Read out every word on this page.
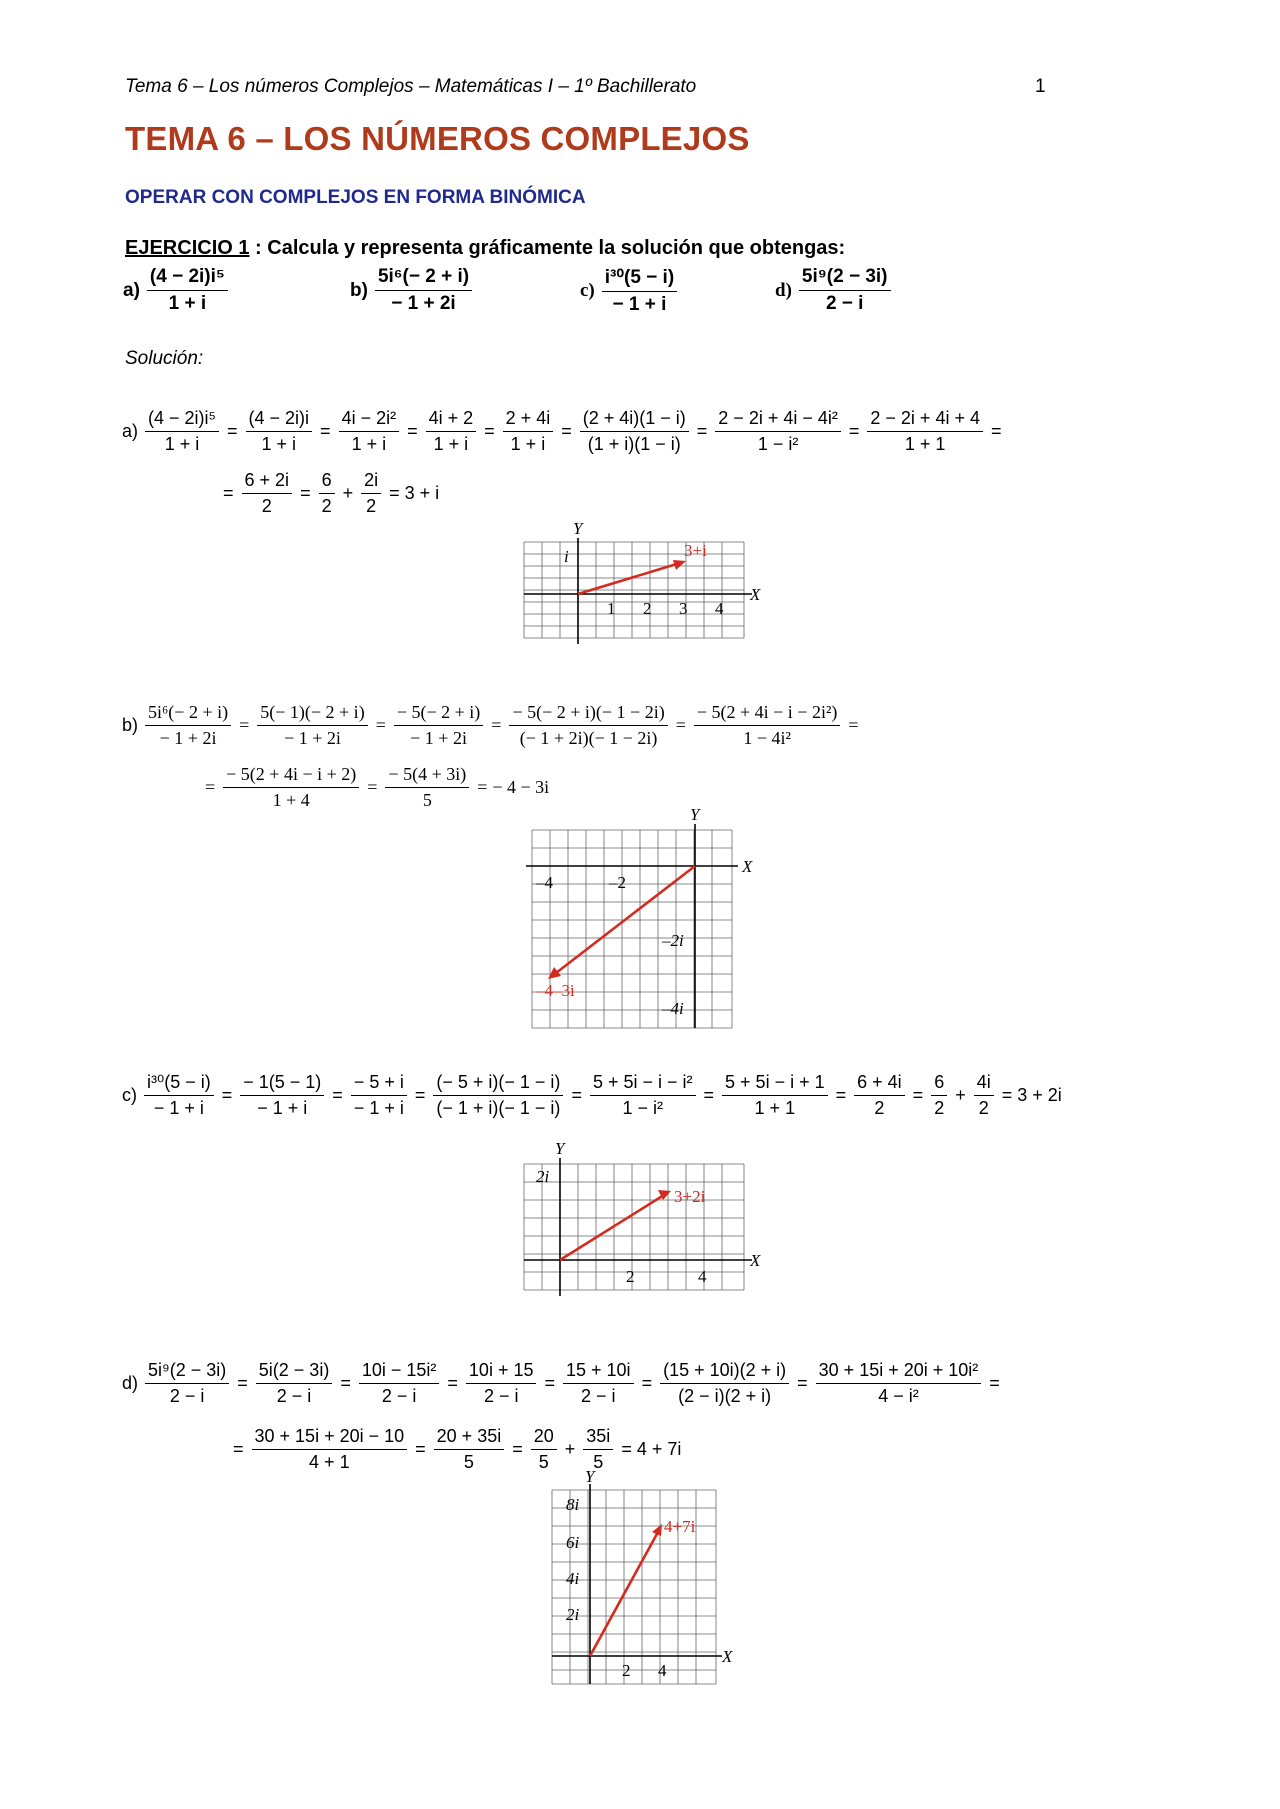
Tema 6 – Los números Complejos – Matemáticas I – 1º Bachillerato	1
TEMA 6 – LOS NÚMEROS COMPLEJOS
OPERAR CON COMPLEJOS EN FORMA BINÓMICA
EJERCICIO 1 : Calcula y representa gráficamente la solución que obtengas:
$a) \frac{\text{(4 − 2i)i⁵}}{1 + i}$	$b) \frac{\text{5i⁶(− 2 + i)}}{- 1 + 2i}$	$c) \frac{\text{i³⁰(5 − i)}}{- 1 + i}$	$d) \frac{\text{5i⁹(2 − 3i)}}{2 - i}$
Solución:
$a) \frac{\text{(4 − 2i)i⁵}}{1 + i} = \frac{(4 - 2i)i}{1 + i} = \frac{\text{4i − 2i²}}{1 + i} = \frac{4i + 2}{1 + i} = \frac{2 + 4i}{1 + i} = \frac{(2 + 4i)(1 - i)}{(1 + i)(1 - i)} = \frac{\text{2 − 2i + 4i − 4i²}}{\text{1 − i²}} = \frac{2 - 2i + 4i + 4}{1 + 1}$ =
= $\frac{6 + 2i}{2} = \frac{6}{2} + \frac{2i}{2} = 3 + i$
Y
X
i
1 2 3 4
3+i
$b) \frac{\text{5i⁶(− 2 + i)}}{- 1 + 2i} = \frac{5(- 1)(- 2 + i)}{- 1 + 2i} = \frac{- 5(- 2 + i)}{- 1 + 2i} = \frac{- 5(- 2 + i)(- 1 - 2i)}{(- 1 + 2i)(- 1 - 2i)} = \frac{\text{− 5(2 + 4i − i − 2i²)}}{\text{1 − 4i²}}$ =
= $\frac{- 5(2 + 4i - i + 2)}{1 + 4} = \frac{- 5(4 + 3i)}{5}$ = − 4 − 3i
Y
X
–4	–2
–2i
–4i
–4–3i
$c) \frac{\text{i³⁰(5 − i)}}{- 1 + i} = \frac{- 1(5 - 1)}{- 1 + i} = \frac{- 5 + i}{- 1 + i} = \frac{(- 5 + i)(- 1 - i)}{(- 1 + i)(- 1 - i)} = \frac{\text{5 + 5i − i − i²}}{\text{1 − i²}} = \frac{5 + 5i - i + 1}{1 + 1} = \frac{6 + 4i}{2} = \frac{6}{2} + \frac{4i}{2} = 3 + 2i$
Y
X
2i
2	4
3+2i
$d) \frac{\text{5i⁹(2 − 3i)}}{2 - i} = \frac{5i(2 - 3i)}{2 - i} = \frac{\text{10i − 15i²}}{2 - i} = \frac{10i + 15}{2 - i} = \frac{15 + 10i}{2 - i} = \frac{(15 + 10i)(2 + i)}{(2 - i)(2 + i)} = \frac{\text{30 + 15i + 20i + 10i²}}{\text{4 − i²}}$ =
= $\frac{30 + 15i + 20i - 10}{4 + 1} = \frac{20 + 35i}{5} = \frac{20}{5} + \frac{35i}{5} = 4 + 7i$
Y
X
8i
6i
4i
2i
2 4
4+7i
